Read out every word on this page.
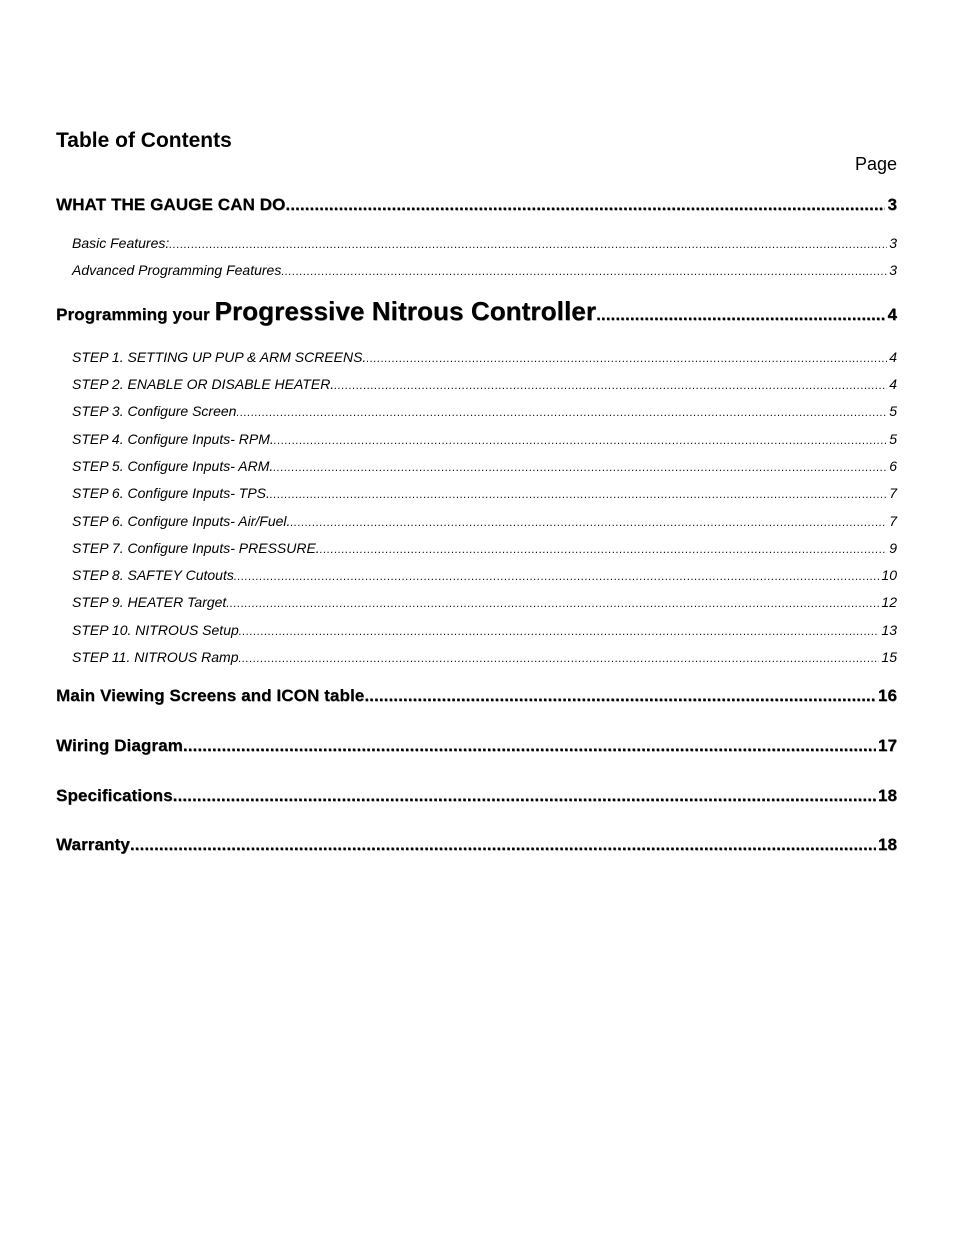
Table of Contents
Page
WHAT THE GAUGE CAN DO .....	3
Basic Features: .....	3
Advanced Programming Features .....	3
Programming your Progressive Nitrous Controller. .....	4
STEP 1. SETTING UP PUP & ARM SCREENS. .....	4
STEP 2. ENABLE OR DISABLE HEATER. .....	4
STEP 3. Configure Screen .....	5
STEP 4. Configure Inputs- RPM. .....	5
STEP 5. Configure Inputs- ARM. .....	6
STEP 6. Configure Inputs- TPS. .....	7
STEP 6. Configure Inputs- Air/Fuel. .....	7
STEP 7. Configure Inputs- PRESSURE. .....	9
STEP 8. SAFTEY Cutouts .....	10
STEP 9. HEATER Target .....	12
STEP 10. NITROUS Setup .....	13
STEP 11. NITROUS Ramp .....	15
Main Viewing Screens and ICON table .....	16
Wiring Diagram .....	17
Specifications .....	18
Warranty .....	18
